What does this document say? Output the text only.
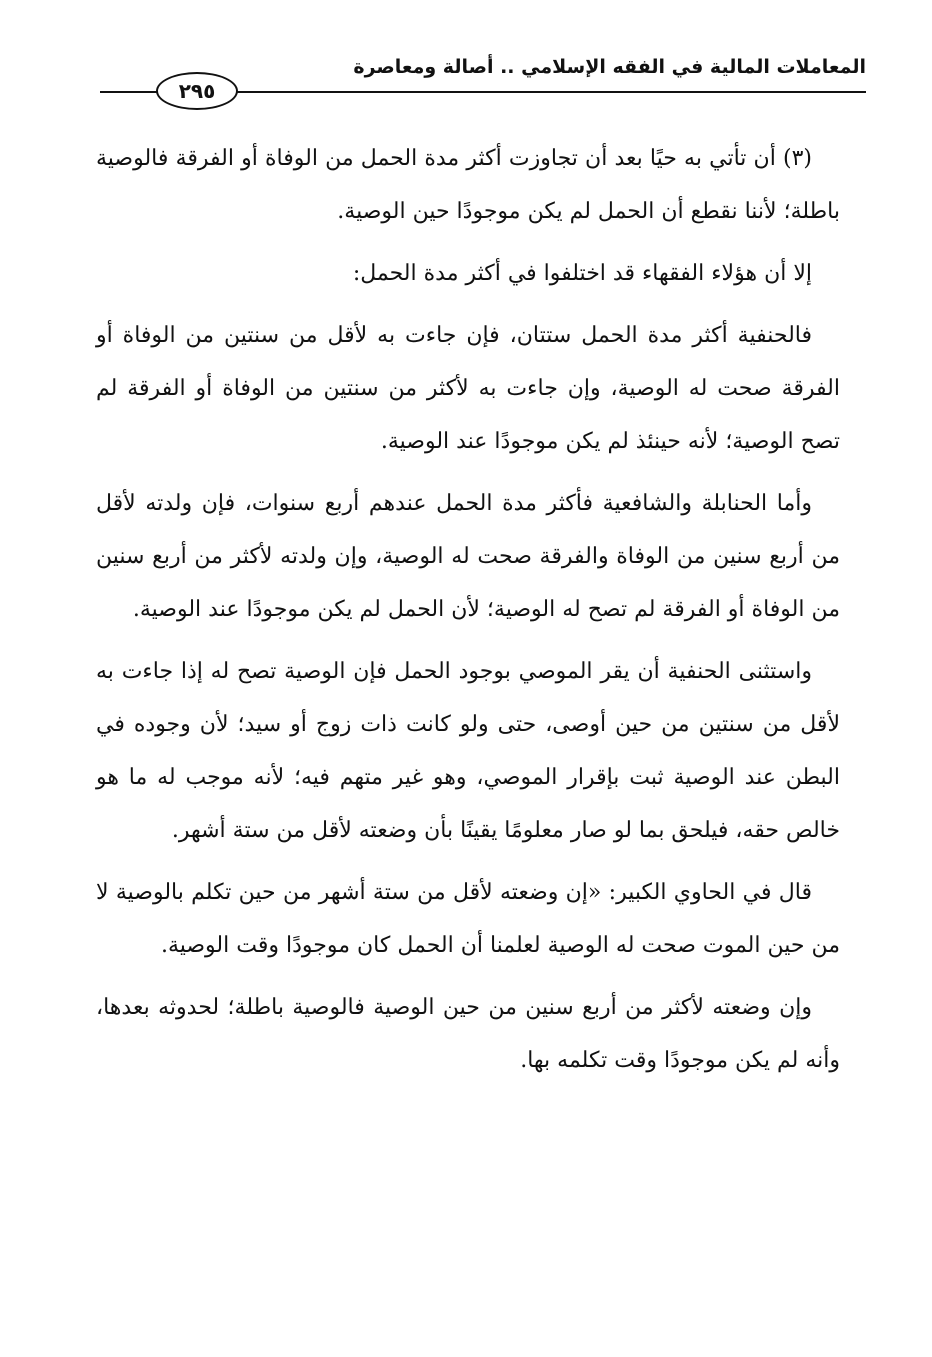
المعاملات المالية في الفقه الإسلامي .. أصالة ومعاصرة
٢٩٥

(٣) أن تأتي به حيًا بعد أن تجاوزت أكثر مدة الحمل من الوفاة أو الفرقة فالوصية باطلة؛ لأننا نقطع أن الحمل لم يكن موجودًا حين الوصية.

إلا أن هؤلاء الفقهاء قد اختلفوا في أكثر مدة الحمل:

فالحنفية أكثر مدة الحمل ستتان، فإن جاءت به لأقل من سنتين من الوفاة أو الفرقة صحت له الوصية، وإن جاءت به لأكثر من سنتين من الوفاة أو الفرقة لم تصح الوصية؛ لأنه حينئذ لم يكن موجودًا عند الوصية.

وأما الحنابلة والشافعية فأكثر مدة الحمل عندهم أربع سنوات، فإن ولدته لأقل من أربع سنين من الوفاة والفرقة صحت له الوصية، وإن ولدته لأكثر من أربع سنين من الوفاة أو الفرقة لم تصح له الوصية؛ لأن الحمل لم يكن موجودًا عند الوصية.

واستثنى الحنفية أن يقر الموصي بوجود الحمل فإن الوصية تصح له إذا جاءت به لأقل من سنتين من حين أوصى، حتى ولو كانت ذات زوج أو سيد؛ لأن وجوده في البطن عند الوصية ثبت بإقرار الموصي، وهو غير متهم فيه؛ لأنه موجب له ما هو خالص حقه، فيلحق بما لو صار معلومًا يقينًا بأن وضعته لأقل من ستة أشهر.

قال في الحاوي الكبير: «إن وضعته لأقل من ستة أشهر من حين تكلم بالوصية لا من حين الموت صحت له الوصية لعلمنا أن الحمل كان موجودًا وقت الوصية.

وإن وضعته لأكثر من أربع سنين من حين الوصية فالوصية باطلة؛ لحدوثه بعدها، وأنه لم يكن موجودًا وقت تكلمه بها.
